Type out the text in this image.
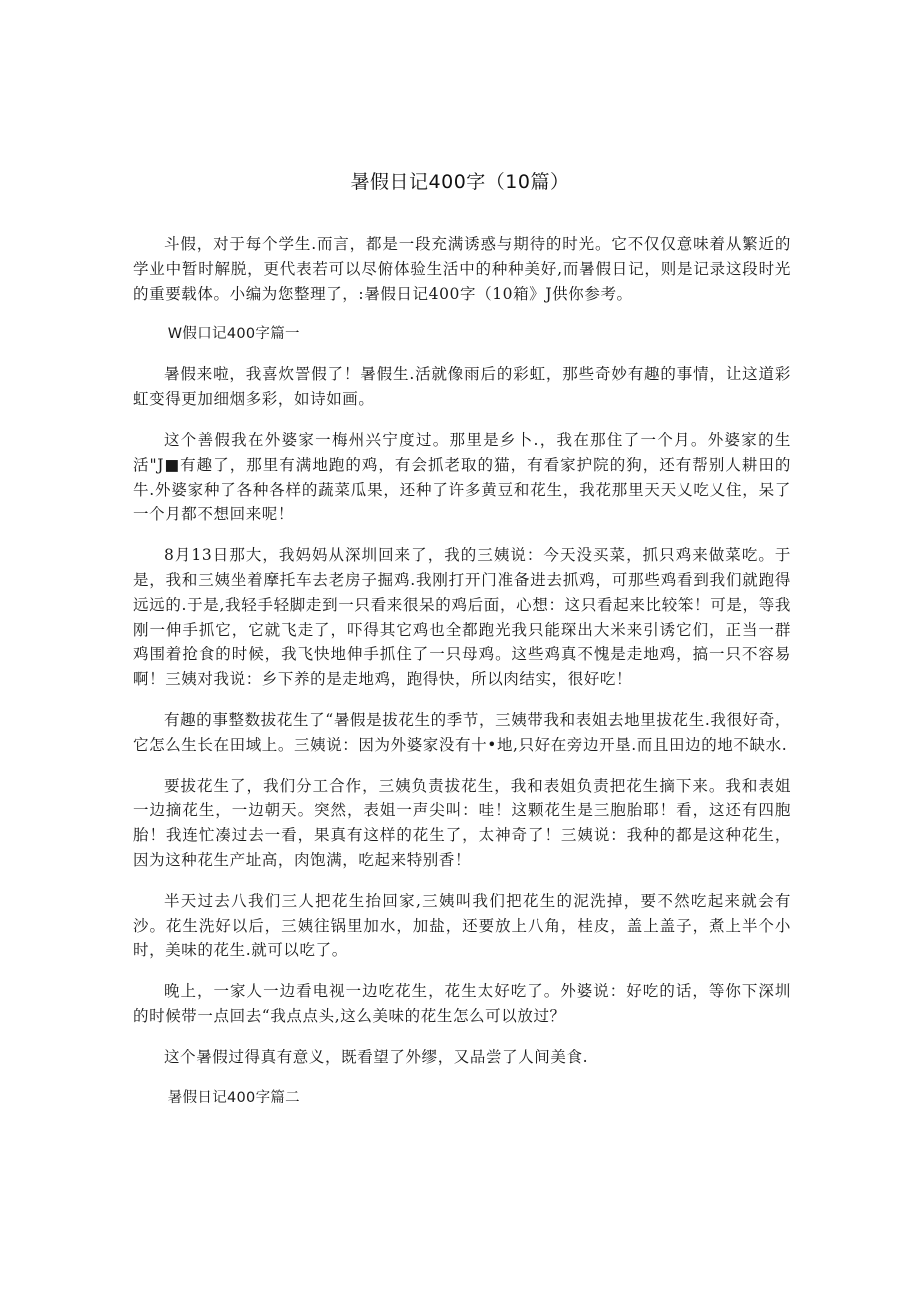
暑假日记400字（10篇）

斗假，对于每个学生.而言，都是一段充满诱惑与期待的时光。它不仅仅意味着从繁近的学业中暂时解脱，更代表若可以尽俯体验生活中的种种美好,而暑假日记，则是记录这段时光的重要载体。小编为您整理了，:暑假日记400字（10箱》J供你参考。

W假口记400字篇一

暑假来啦，我喜炊詈假了！暑假生.活就像雨后的彩虹，那些奇妙有趣的事情，让这道彩虹变得更加细烟多彩，如诗如画。

这个善假我在外婆家一梅州兴宁度过。那里是乡卜.，我在那住了一个月。外婆家的生活"J■有趣了，那里有满地跑的鸡，有会抓老取的猫，有看家护院的狗，还有帮别人耕田的牛.外婆家种了各种各样的蔬菜瓜果，还种了许多黄豆和花生，我花那里天天乂吃乂住，呆了一个月都不想回来呢！

8月13日那大，我妈妈从深圳回来了，我的三姨说：今天没买菜，抓只鸡来做菜吃。于是，我和三姨坐着摩托车去老房子掘鸡.我刚打开门准备进去抓鸡，可那些鸡看到我们就跑得远远的.于是,我轻手轻脚走到一只看来很呆的鸡后面，心想：这只看起来比较笨！可是，等我刚一伸手抓它，它就飞走了，吓得其它鸡也全都跑光我只能琛出大米来引诱它们，正当一群鸡围着抢食的时候，我飞快地伸手抓住了一只母鸡。这些鸡真不愧是走地鸡，搞一只不容易啊！三姨对我说：乡下养的是走地鸡，跑得快，所以肉结实，很好吃！

有趣的事整数拔花生了“暑假是拔花生的季节，三姨带我和表姐去地里拔花生.我很好奇，它怎么生长在田域上。三姨说：因为外婆家没有十•地,只好在旁边开垦.而且田边的地不缺水.

要拔花生了，我们分工合作，三姨负责拔花生，我和表姐负责把花生摘下来。我和表姐一边摘花生，一边朝天。突然，表姐一声尖叫：哇！这颗花生是三胞胎耶！看，这还有四胞胎！我连忙凑过去一看，果真有这样的花生了，太神奇了！三姨说：我种的都是这种花生，因为这种花生产址高，肉饱满，吃起来特别香！

半天过去八我们三人把花生抬回家,三姨叫我们把花生的泥洗掉，要不然吃起来就会有沙。花生洗好以后，三姨往锅里加水，加盐，还要放上八角，桂皮，盖上盖子，煮上半个小时，美味的花生.就可以吃了。

晚上，一家人一边看电视一边吃花生，花生太好吃了。外婆说：好吃的话，等你下深圳的时候带一点回去“我点点头,这么美味的花生怎么可以放过？

这个暑假过得真有意义，既看望了外缪，又品尝了人间美食.

暑假日记400字篇二
